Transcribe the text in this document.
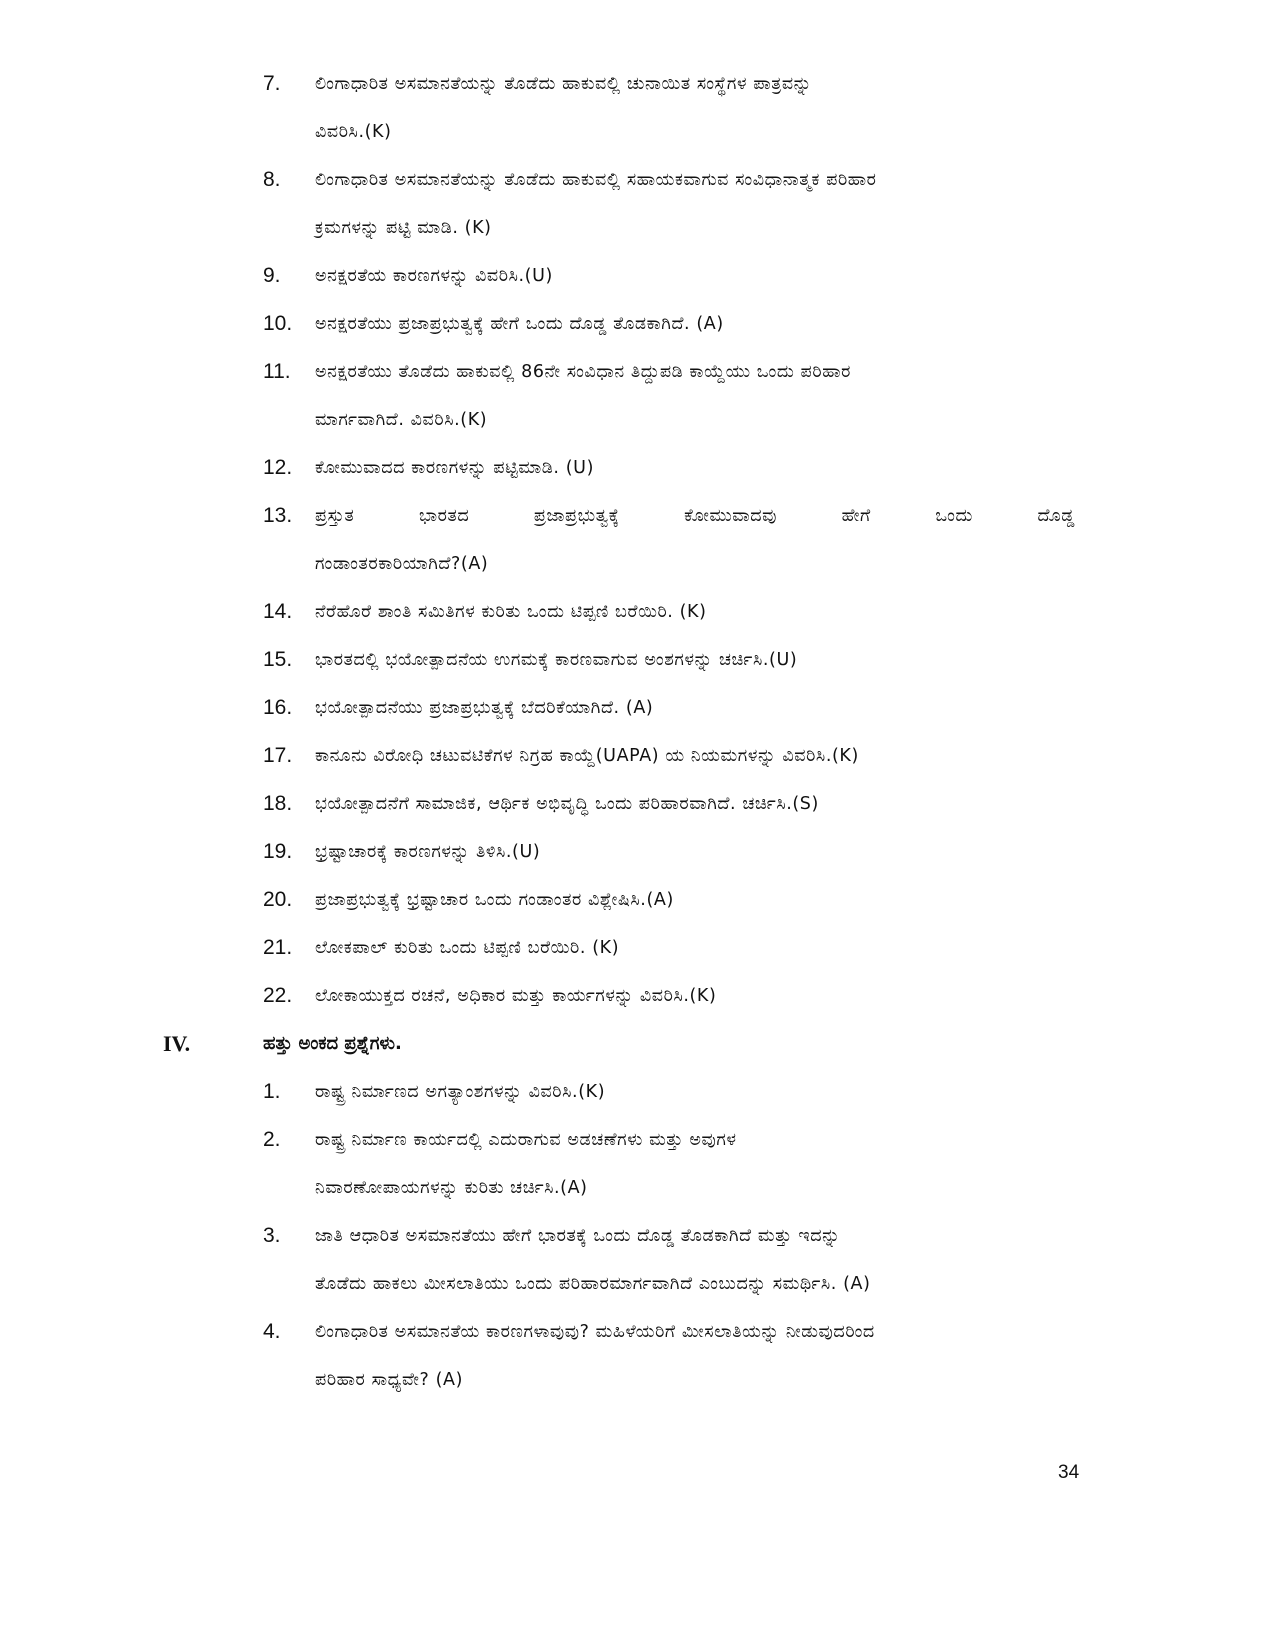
7. ಲಿಂಗಾಧಾರಿತ ಅಸಮಾನತೆಯನ್ನು ತೊಡೆದು ಹಾಕುವಲ್ಲಿ ಚುನಾಯಿತ ಸಂಸ್ಥೆಗಳ ಪಾತ್ರವನ್ನು
ವಿವರಿಸಿ.(K)
8. ಲಿಂಗಾಧಾರಿತ ಅಸಮಾನತೆಯನ್ನು ತೊಡೆದು ಹಾಕುವಲ್ಲಿ ಸಹಾಯಕವಾಗುವ ಸಂವಿಧಾನಾತ್ಮಕ ಪರಿಹಾರ
ಕ್ರಮಗಳನ್ನು ಪಟ್ಟಿ ಮಾಡಿ. (K)
9. ಅನಕ್ಷರತೆಯ ಕಾರಣಗಳನ್ನು ವಿವರಿಸಿ.(U)
10. ಅನಕ್ಷರತೆಯು ಪ್ರಜಾಪ್ರಭುತ್ವಕ್ಕೆ ಹೇಗೆ ಒಂದು ದೊಡ್ಡ ತೊಡಕಾಗಿದೆ. (A)
11. ಅನಕ್ಷರತೆಯು ತೊಡೆದು ಹಾಕುವಲ್ಲಿ 86ನೇ ಸಂವಿಧಾನ ತಿದ್ದುಪಡಿ ಕಾಯ್ದೆಯು ಒಂದು ಪರಿಹಾರ
ಮಾರ್ಗವಾಗಿದೆ. ವಿವರಿಸಿ.(K)
12. ಕೋಮುವಾದದ ಕಾರಣಗಳನ್ನು ಪಟ್ಟಿಮಾಡಿ. (U)
13. ಪ್ರಸ್ತುತ ಭಾರತದ ಪ್ರಜಾಪ್ರಭುತ್ವಕ್ಕೆ ಕೋಮುವಾದವು ಹೇಗೆ ಒಂದು ದೊಡ್ಡ
ಗಂಡಾಂತರಕಾರಿಯಾಗಿದೆ?(A)
14. ನೆರೆಹೊರೆ ಶಾಂತಿ ಸಮಿತಿಗಳ ಕುರಿತು ಒಂದು ಟಿಪ್ಪಣಿ ಬರೆಯಿರಿ. (K)
15. ಭಾರತದಲ್ಲಿ ಭಯೋತ್ಪಾದನೆಯ ಉಗಮಕ್ಕೆ ಕಾರಣವಾಗುವ ಅಂಶಗಳನ್ನು ಚರ್ಚಿಸಿ.(U)
16. ಭಯೋತ್ಪಾದನೆಯು ಪ್ರಜಾಪ್ರಭುತ್ವಕ್ಕೆ ಬೆದರಿಕೆಯಾಗಿದೆ. (A)
17. ಕಾನೂನು ವಿರೋಧಿ ಚಟುವಟಿಕೆಗಳ ನಿಗ್ರಹ ಕಾಯ್ದೆ(UAPA) ಯ ನಿಯಮಗಳನ್ನು ವಿವರಿಸಿ.(K)
18. ಭಯೋತ್ಪಾದನೆಗೆ ಸಾಮಾಜಿಕ, ಆರ್ಥಿಕ ಅಭಿವೃದ್ಧಿ ಒಂದು ಪರಿಹಾರವಾಗಿದೆ. ಚರ್ಚಿಸಿ.(S)
19. ಭ್ರಷ್ಟಾಚಾರಕ್ಕೆ ಕಾರಣಗಳನ್ನು ತಿಳಿಸಿ.(U)
20. ಪ್ರಜಾಪ್ರಭುತ್ವಕ್ಕೆ ಭ್ರಷ್ಟಾಚಾರ ಒಂದು ಗಂಡಾಂತರ ವಿಶ್ಲೇಷಿಸಿ.(A)
21. ಲೋಕಪಾಲ್ ಕುರಿತು ಒಂದು ಟಿಪ್ಪಣಿ ಬರೆಯಿರಿ. (K)
22. ಲೋಕಾಯುಕ್ತದ ರಚನೆ, ಅಧಿಕಾರ ಮತ್ತು ಕಾರ್ಯಗಳನ್ನು ವಿವರಿಸಿ.(K)
IV.	ಹತ್ತು ಅಂಕದ ಪ್ರಶ್ನೆಗಳು.
1. ರಾಷ್ಟ್ರ ನಿರ್ಮಾಣದ ಅಗತ್ಯಾಂಶಗಳನ್ನು ವಿವರಿಸಿ.(K)
2. ರಾಷ್ಟ್ರ ನಿರ್ಮಾಣ ಕಾರ್ಯದಲ್ಲಿ ಎದುರಾಗುವ ಅಡಚಣೆಗಳು ಮತ್ತು ಅವುಗಳ
ನಿವಾರಣೋಪಾಯಗಳನ್ನು ಕುರಿತು ಚರ್ಚಿಸಿ.(A)
3. ಜಾತಿ ಆಧಾರಿತ ಅಸಮಾನತೆಯು ಹೇಗೆ ಭಾರತಕ್ಕೆ ಒಂದು ದೊಡ್ಡ ತೊಡಕಾಗಿದೆ ಮತ್ತು ಇದನ್ನು
ತೊಡೆದು ಹಾಕಲು ಮೀಸಲಾತಿಯು ಒಂದು ಪರಿಹಾರಮಾರ್ಗವಾಗಿದೆ ಎಂಬುದನ್ನು ಸಮರ್ಥಿಸಿ. (A)
4. ಲಿಂಗಾಧಾರಿತ ಅಸಮಾನತೆಯ ಕಾರಣಗಳಾವುವು? ಮಹಿಳೆಯರಿಗೆ ಮೀಸಲಾತಿಯನ್ನು ನೀಡುವುದರಿಂದ
ಪರಿಹಾರ ಸಾಧ್ಯವೇ? (A)
34
